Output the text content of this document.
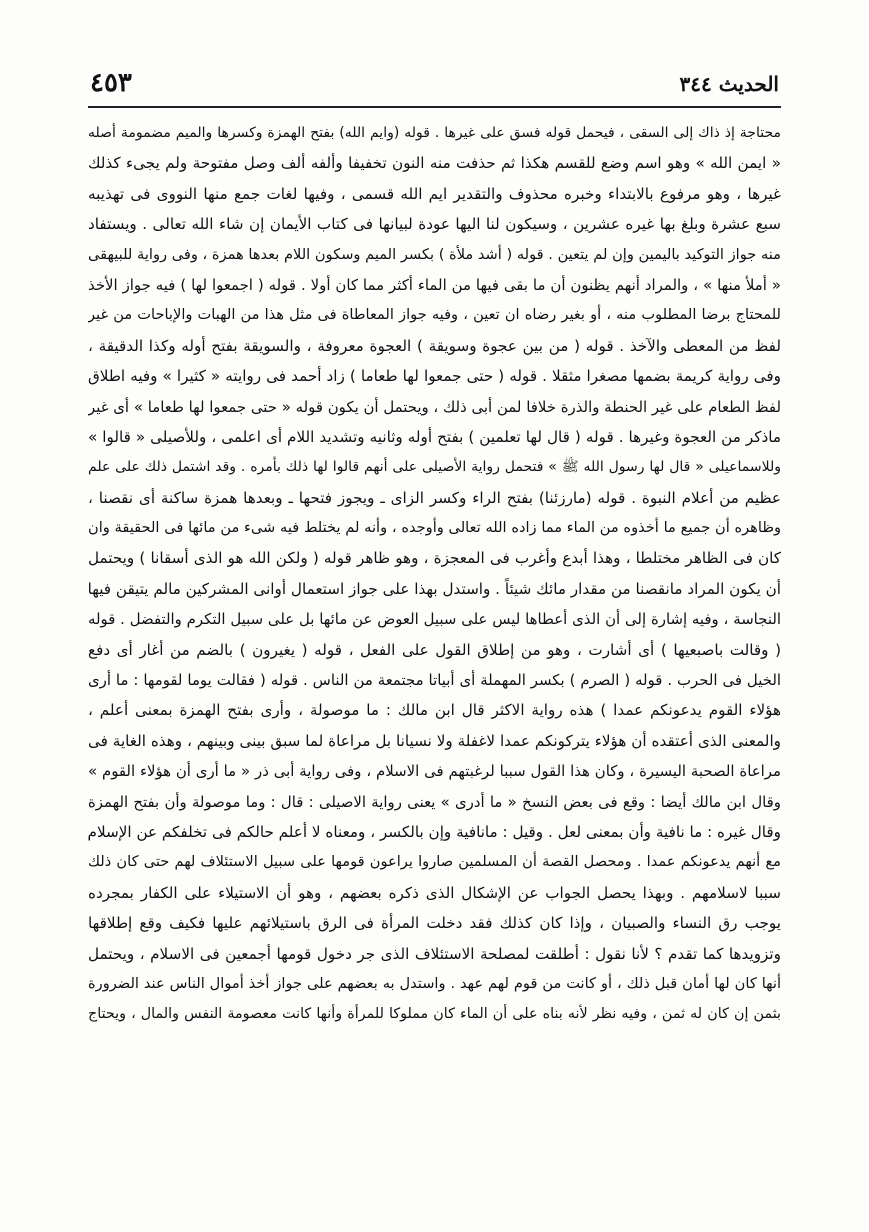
الحديث ٣٤٤
٤٥٣
محتاجة إذ ذاك إلى السقى ، فيحمل قوله فسق على غيرها . قوله (وايم الله) بفتح الهمزة وكسرها والميم مضمومة أصله
« ايمن الله » وهو اسم وضع للقسم هكذا ثم حذفت منه النون تخفيفا وألفه ألف وصل مفتوحة ولم يجىء كذلك
غيرها ، وهو مرفوع بالابتداء وخبره محذوف والتقدير ايم الله قسمى ، وفيها لغات جمع منها النووى فى تهذيبه
سبع عشرة وبلغ بها غيره عشرين ، وسيكون لنا اليها عودة لبيانها فى كتاب الأيمان إن شاء الله تعالى . ويستفاد
منه جواز التوكيد باليمين وإن لم يتعين . قوله ( أشد ملأة ) بكسر الميم وسكون اللام بعدها همزة ، وفى رواية للبيهقى
« أملأ منها » ، والمراد أنهم يظنون أن ما بقى فيها من الماء أكثر مما كان أولا . قوله ( اجمعوا لها ) فيه جواز الأخذ
للمحتاج برضا المطلوب منه ، أو بغير رضاه ان تعين ، وفيه جواز المعاطاة فى مثل هذا من الهبات والإباحات من غير
لفظ من المعطى والآخذ . قوله ( من بين عجوة وسويقة ) العجوة معروفة ، والسويقة بفتح أوله وكذا الدقيقة ،
وفى رواية كريمة بضمها مصغرا مثقلا . قوله ( حتى جمعوا لها طعاما ) زاد أحمد فى روايته « كثيرا » وفيه اطلاق
لفظ الطعام على غير الحنطة والذرة خلافا لمن أبى ذلك ، ويحتمل أن يكون قوله « حتى جمعوا لها طعاما » أى غير
ماذكر من العجوة وغيرها . قوله ( قال لها تعلمين ) بفتح أوله وثانيه وتشديد اللام أى اعلمى ، وللأصيلى « قالوا »
وللاسماعيلى « قال لها رسول الله ﷺ » فتحمل رواية الأصيلى على أنهم قالوا لها ذلك بأمره . وقد اشتمل ذلك على علم
عظيم من أعلام النبوة . قوله (مارزئنا) بفتح الراء وكسر الزاى ـ ويجوز فتحها ـ وبعدها همزة ساكنة أى نقصنا ،
وظاهره أن جميع ما أخذوه من الماء مما زاده الله تعالى وأوجده ، وأنه لم يختلط فيه شىء من مائها فى الحقيقة وان
كان فى الظاهر مختلطا ، وهذا أبدع وأغرب فى المعجزة ، وهو ظاهر قوله ( ولكن الله هو الذى أسقانا ) ويحتمل
أن يكون المراد مانقصنا من مقدار مائك شيئاً . واستدل بهذا على جواز استعمال أوانى المشركين مالم يتيقن فيها
النجاسة ، وفيه إشارة إلى أن الذى أعطاها ليس على سبيل العوض عن مائها بل على سبيل التكرم والتفضل . قوله
( وقالت باصبعيها ) أى أشارت ، وهو من إطلاق القول على الفعل ، قوله ( يغيرون ) بالضم من أغار أى دفع
الخيل فى الحرب . قوله ( الصرم ) بكسر المهملة أى أبياتا مجتمعة من الناس . قوله ( فقالت يوما لقومها : ما أرى
هؤلاء القوم يدعونكم عمدا ) هذه رواية الاكثر قال ابن مالك : ما موصولة ، وأرى بفتح الهمزة بمعنى أعلم ،
والمعنى الذى أعتقده أن هؤلاء يتركونكم عمدا لاغفلة ولا نسيانا بل مراعاة لما سبق بينى وبينهم ، وهذه الغاية فى
مراعاة الصحبة اليسيرة ، وكان هذا القول سببا لرغبتهم فى الاسلام ، وفى رواية أبى ذر « ما أرى أن هؤلاء القوم »
وقال ابن مالك أيضا : وقع فى بعض النسخ « ما أدرى » يعنى رواية الاصيلى : قال : وما موصولة وأن بفتح الهمزة
وقال غيره : ما نافية وأن بمعنى لعل . وقيل : مانافية وإن بالكسر ، ومعناه لا أعلم حالكم فى تخلفكم عن الإسلام
مع أنهم يدعونكم عمدا . ومحصل القصة أن المسلمين صاروا يراعون قومها على سبيل الاستئلاف لهم حتى كان ذلك
سببا لاسلامهم . وبهذا يحصل الجواب عن الإشكال الذى ذكره بعضهم ، وهو أن الاستيلاء على الكفار بمجرده
يوجب رق النساء والصبيان ، وإذا كان كذلك فقد دخلت المرأة فى الرق باستيلائهم عليها فكيف وقع إطلاقها
وتزويدها كما تقدم ؟ لأنا نقول : أطلقت لمصلحة الاستئلاف الذى جر دخول قومها أجمعين فى الاسلام ، ويحتمل
أنها كان لها أمان قبل ذلك ، أو كانت من قوم لهم عهد . واستدل به بعضهم على جواز أخذ أموال الناس عند الضرورة
بثمن إن كان له ثمن ، وفيه نظر لأنه بناه على أن الماء كان مملوكا للمرأة وأنها كانت معصومة النفس والمال ، ويحتاج
